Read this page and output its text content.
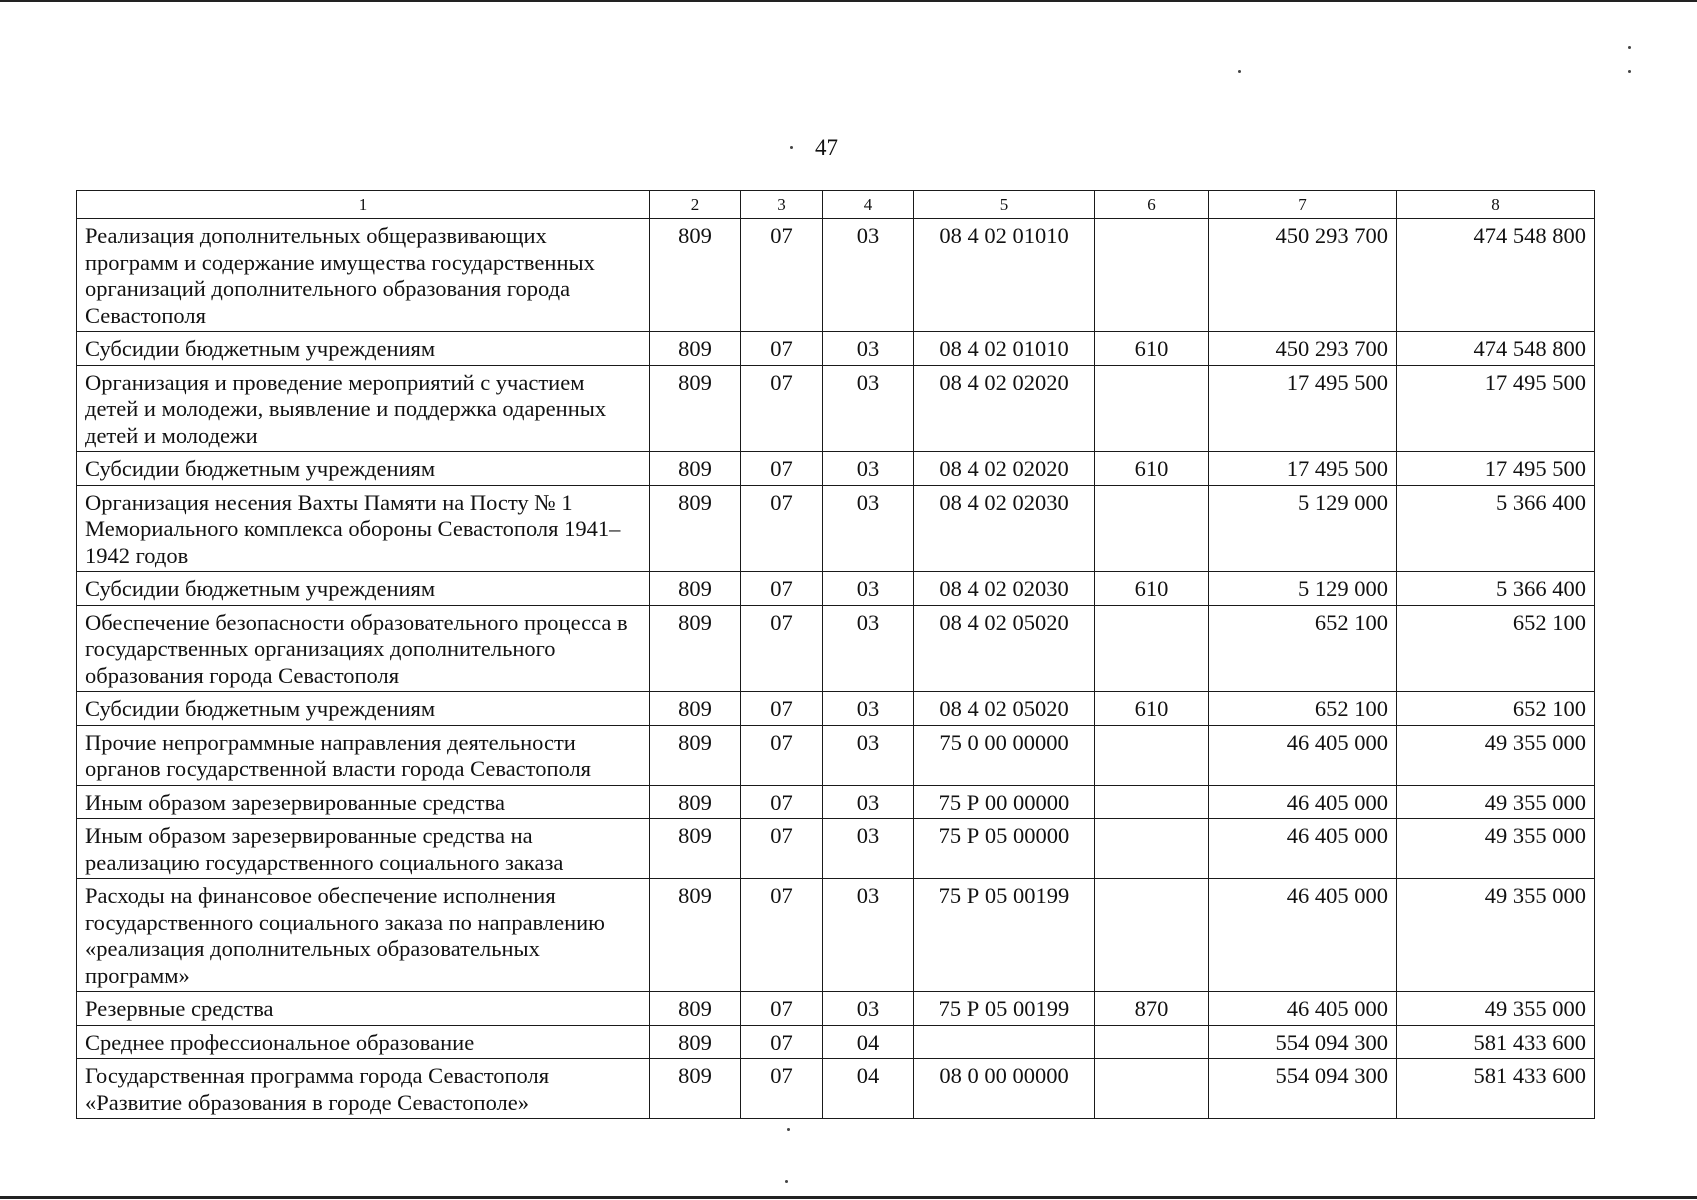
47
1	2	3	4	5	6	7	8
Реализация дополнительных общеразвивающих программ и содержание имущества государственных организаций дополнительного образования города Севастополя	809	07	03	08 4 02 01010		450 293 700	474 548 800
Субсидии бюджетным учреждениям	809	07	03	08 4 02 01010	610	450 293 700	474 548 800
Организация и проведение мероприятий с участием детей и молодежи, выявление и поддержка одаренных детей и молодежи	809	07	03	08 4 02 02020		17 495 500	17 495 500
Субсидии бюджетным учреждениям	809	07	03	08 4 02 02020	610	17 495 500	17 495 500
Организация несения Вахты Памяти на Посту № 1 Мемориального комплекса обороны Севастополя 1941–1942 годов	809	07	03	08 4 02 02030		5 129 000	5 366 400
Субсидии бюджетным учреждениям	809	07	03	08 4 02 02030	610	5 129 000	5 366 400
Обеспечение безопасности образовательного процесса в государственных организациях дополнительного образования города Севастополя	809	07	03	08 4 02 05020		652 100	652 100
Субсидии бюджетным учреждениям	809	07	03	08 4 02 05020	610	652 100	652 100
Прочие непрограммные направления деятельности органов государственной власти города Севастополя	809	07	03	75 0 00 00000		46 405 000	49 355 000
Иным образом зарезервированные средства	809	07	03	75 Р 00 00000		46 405 000	49 355 000
Иным образом зарезервированные средства на реализацию государственного социального заказа	809	07	03	75 Р 05 00000		46 405 000	49 355 000
Расходы на финансовое обеспечение исполнения государственного социального заказа по направлению «реализация дополнительных образовательных программ»	809	07	03	75 Р 05 00199		46 405 000	49 355 000
Резервные средства	809	07	03	75 Р 05 00199	870	46 405 000	49 355 000
Среднее профессиональное образование	809	07	04			554 094 300	581 433 600
Государственная программа города Севастополя «Развитие образования в городе Севастополе»	809	07	04	08 0 00 00000		554 094 300	581 433 600
